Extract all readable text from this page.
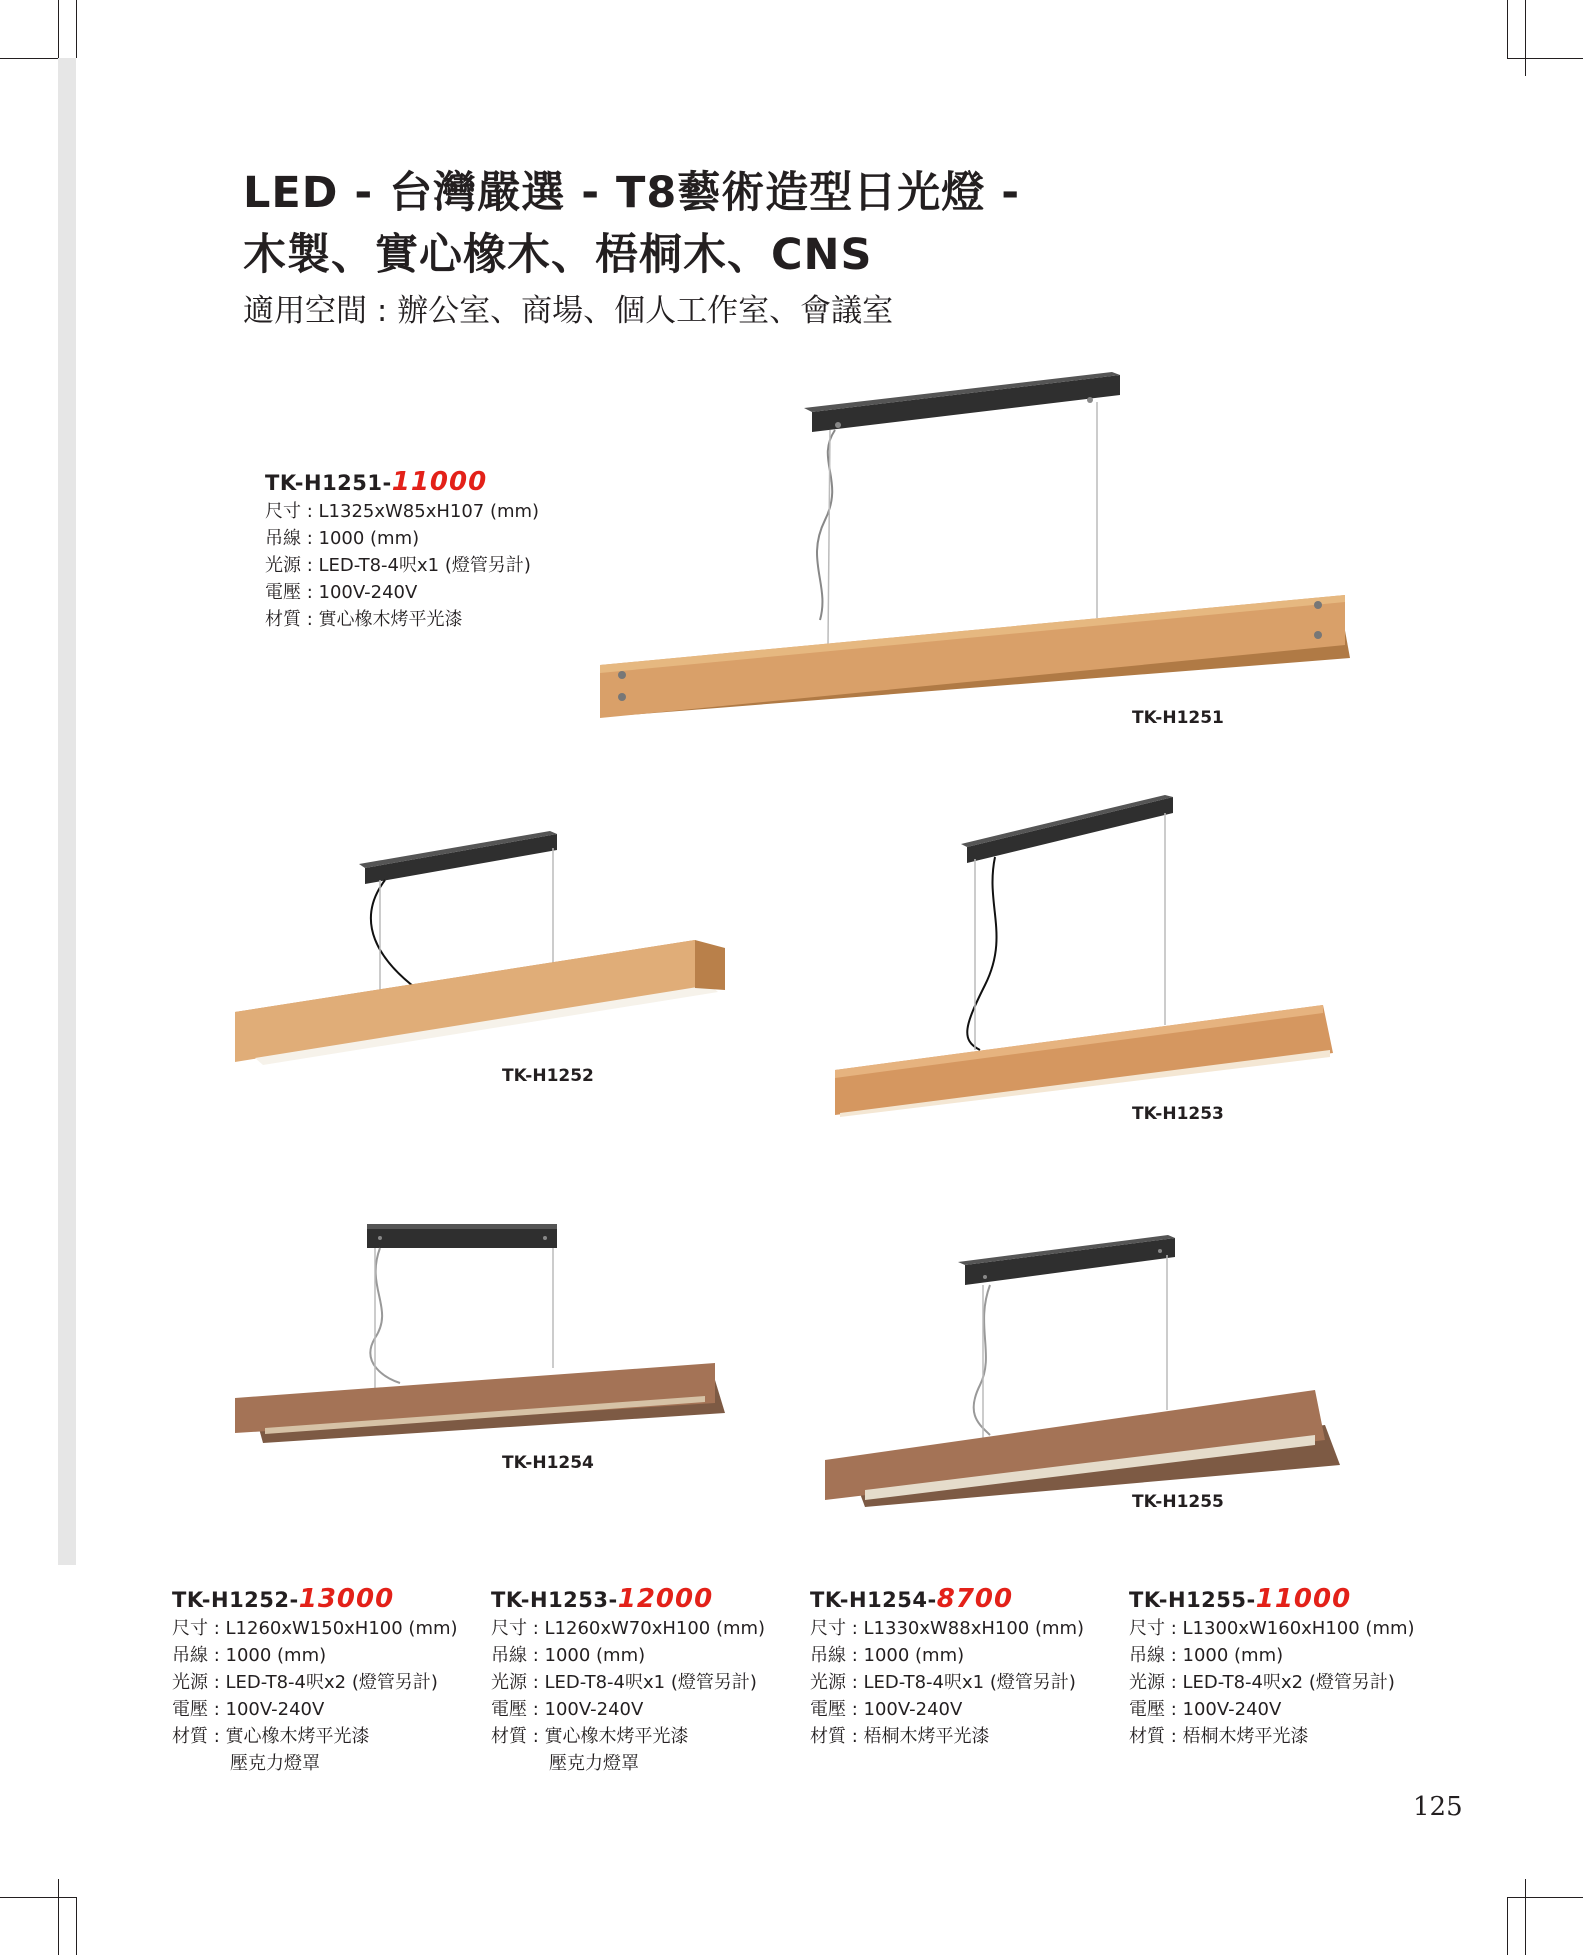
LED - 台灣嚴選 - T8藝術造型日光燈 -
木製、實心橡木、梧桐木、CNS
適用空間 : 辦公室、商場、個人工作室、會議室
TK-H1251-11000
尺寸 : L1325xW85xH107 (mm)
吊線 : 1000 (mm)
光源 : LED-T8-4呎x1 (燈管另計)
電壓 : 100V-240V
材質 : 實心橡木烤平光漆
TK-H1251
TK-H1252
TK-H1253
TK-H1254
TK-H1255
TK-H1252-13000
尺寸 : L1260xW150xH100 (mm)
吊線 : 1000 (mm)
光源 : LED-T8-4呎x2 (燈管另計)
電壓 : 100V-240V
材質 : 實心橡木烤平光漆
壓克力燈罩
TK-H1253-12000
尺寸 : L1260xW70xH100 (mm)
吊線 : 1000 (mm)
光源 : LED-T8-4呎x1 (燈管另計)
電壓 : 100V-240V
材質 : 實心橡木烤平光漆
壓克力燈罩
TK-H1254-8700
尺寸 : L1330xW88xH100 (mm)
吊線 : 1000 (mm)
光源 : LED-T8-4呎x1 (燈管另計)
電壓 : 100V-240V
材質 : 梧桐木烤平光漆
TK-H1255-11000
尺寸 : L1300xW160xH100 (mm)
吊線 : 1000 (mm)
光源 : LED-T8-4呎x2 (燈管另計)
電壓 : 100V-240V
材質 : 梧桐木烤平光漆
125
